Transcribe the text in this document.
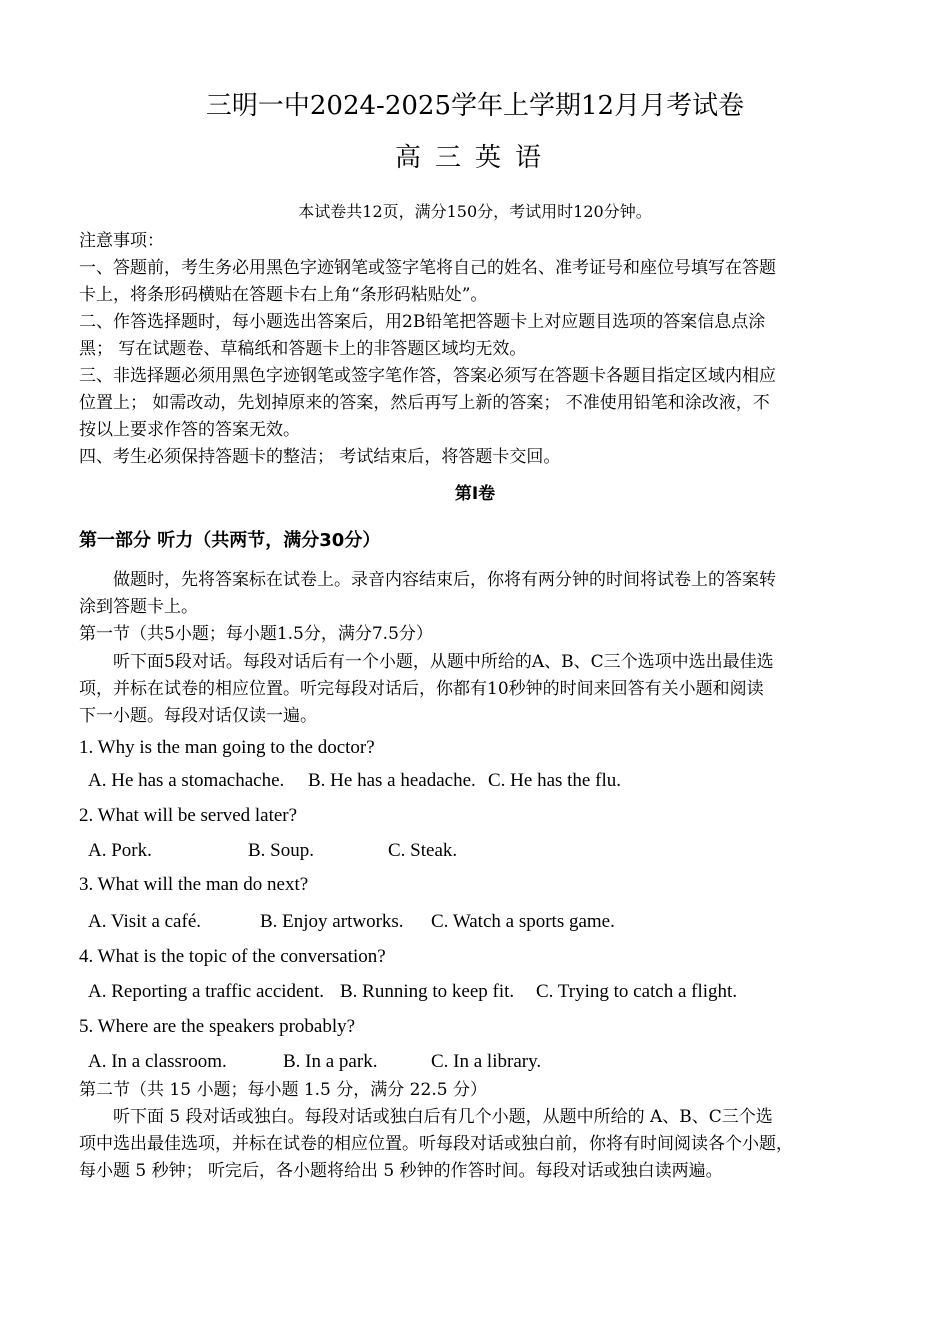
三明一中2024-2025学年上学期12月月考试卷
高三英语
本试卷共12页，满分150分，考试用时120分钟。
注意事项：
一、答题前，考生务必用黑色字迹钢笔或签字笔将自己的姓名、准考证号和座位号填写在答题
卡上，将条形码横贴在答题卡右上角“条形码粘贴处”。
二、作答选择题时，每小题选出答案后，用2B铅笔把答题卡上对应题目选项的答案信息点涂
黑； 写在试题卷、草稿纸和答题卡上的非答题区域均无效。
三、非选择题必须用黑色字迹钢笔或签字笔作答，答案必须写在答题卡各题目指定区域内相应
位置上； 如需改动，先划掉原来的答案，然后再写上新的答案； 不准使用铅笔和涂改液，不
按以上要求作答的答案无效。
四、考生必须保持答题卡的整洁； 考试结束后，将答题卡交回。
第Ⅰ卷
第一部分 听力（共两节，满分30分）
做题时，先将答案标在试卷上。录音内容结束后，你将有两分钟的时间将试卷上的答案转
涂到答题卡上。
第一节（共5小题；每小题1.5分，满分7.5分）
听下面5段对话。每段对话后有一个小题，从题中所给的A、B、C三个选项中选出最佳选
项，并标在试卷的相应位置。听完每段对话后，你都有10秒钟的时间来回答有关小题和阅读
下一小题。每段对话仅读一遍。
1. Why is the man going to the doctor?
A. He has a stomachache. B. He has a headache. C. He has the flu.
2. What will be served later?
A. Pork.	B. Soup.	C. Steak.
3. What will the man do next?
A. Visit a café.	B. Enjoy artworks. C. Watch a sports game.
4. What is the topic of the conversation?
A. Reporting a traffic accident. B. Running to keep fit. C. Trying to catch a flight.
5. Where are the speakers probably?
A. In a classroom.	B. In a park.	C. In a library.
第二节（共 15 小题；每小题 1.5 分，满分 22.5 分）
听下面 5 段对话或独白。每段对话或独白后有几个小题，从题中所给的 A、B、C三个选
项中选出最佳选项，并标在试卷的相应位置。听每段对话或独白前，你将有时间阅读各个小题，
每小题 5 秒钟； 听完后，各小题将给出 5 秒钟的作答时间。每段对话或独白读两遍。
